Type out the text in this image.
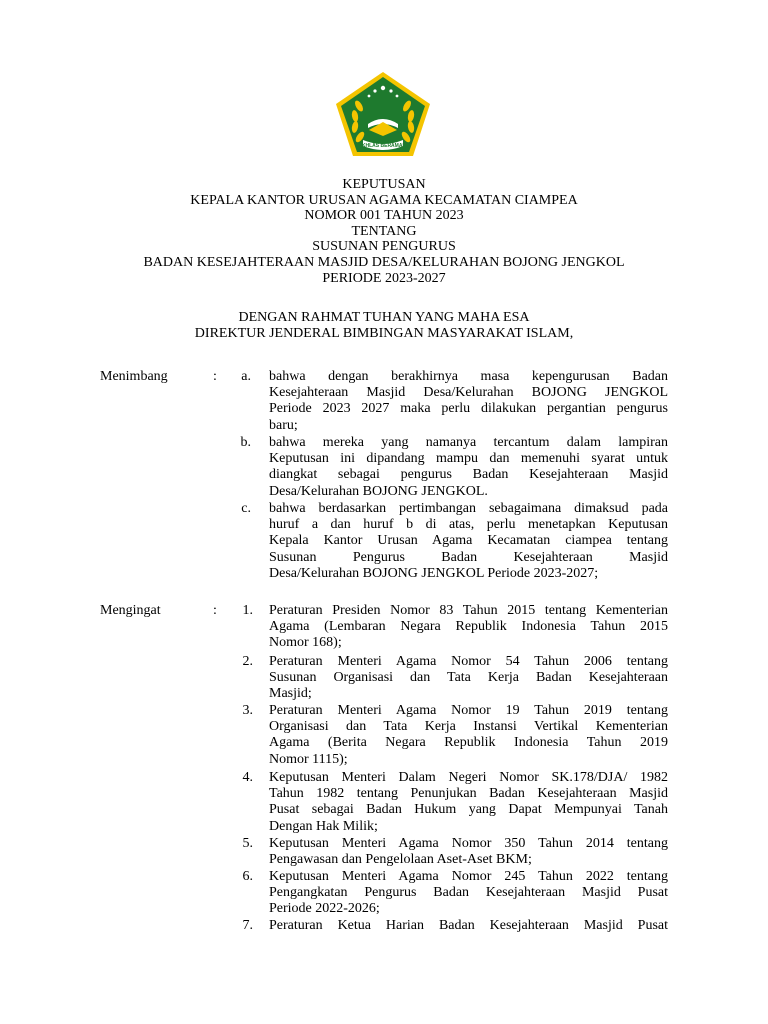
IKHLAS BERAMAL
KEPUTUSAN
KEPALA KANTOR URUSAN AGAMA KECAMATAN CIAMPEA
NOMOR 001 TAHUN 2023
TENTANG
SUSUNAN PENGURUS
BADAN KESEJAHTERAAN MASJID DESA/KELURAHAN BOJONG JENGKOL
PERIODE 2023-2027
DENGAN RAHMAT TUHAN YANG MAHA ESA
DIREKTUR JENDERAL BIMBINGAN MASYARAKAT ISLAM,
Menimbang	:	a. bahwa dengan berakhirnya masa kepengurusan Badan
Kesejahteraan Masjid Desa/Kelurahan BOJONG JENGKOL
Periode 2023 2027 maka perlu dilakukan pergantian pengurus
baru;
b. bahwa mereka yang namanya tercantum dalam lampiran
Keputusan ini dipandang mampu dan memenuhi syarat untuk
diangkat sebagai pengurus Badan Kesejahteraan Masjid
Desa/Kelurahan BOJONG JENGKOL.
c. bahwa berdasarkan pertimbangan sebagaimana dimaksud pada
huruf a dan huruf b di atas, perlu menetapkan Keputusan
Kepala Kantor Urusan Agama Kecamatan ciampea tentang
Susunan Pengurus Badan Kesejahteraan Masjid
Desa/Kelurahan BOJONG JENGKOL Periode 2023-2027;
Mengingat	:	1. Peraturan Presiden Nomor 83 Tahun 2015 tentang Kementerian
Agama (Lembaran Negara Republik Indonesia Tahun 2015
Nomor 168);
2. Peraturan Menteri Agama Nomor 54 Tahun 2006 tentang
Susunan Organisasi dan Tata Kerja Badan Kesejahteraan
Masjid;
3. Peraturan Menteri Agama Nomor 19 Tahun 2019 tentang
Organisasi dan Tata Kerja Instansi Vertikal Kementerian
Agama (Berita Negara Republik Indonesia Tahun 2019
Nomor 1115);
4. Keputusan Menteri Dalam Negeri Nomor SK.178/DJA/ 1982
Tahun 1982 tentang Penunjukan Badan Kesejahteraan Masjid
Pusat sebagai Badan Hukum yang Dapat Mempunyai Tanah
Dengan Hak Milik;
5. Keputusan Menteri Agama Nomor 350 Tahun 2014 tentang
Pengawasan dan Pengelolaan Aset-Aset BKM;
6. Keputusan Menteri Agama Nomor 245 Tahun 2022 tentang
Pengangkatan Pengurus Badan Kesejahteraan Masjid Pusat
Periode 2022-2026;
7. Peraturan Ketua Harian Badan Kesejahteraan Masjid Pusat
